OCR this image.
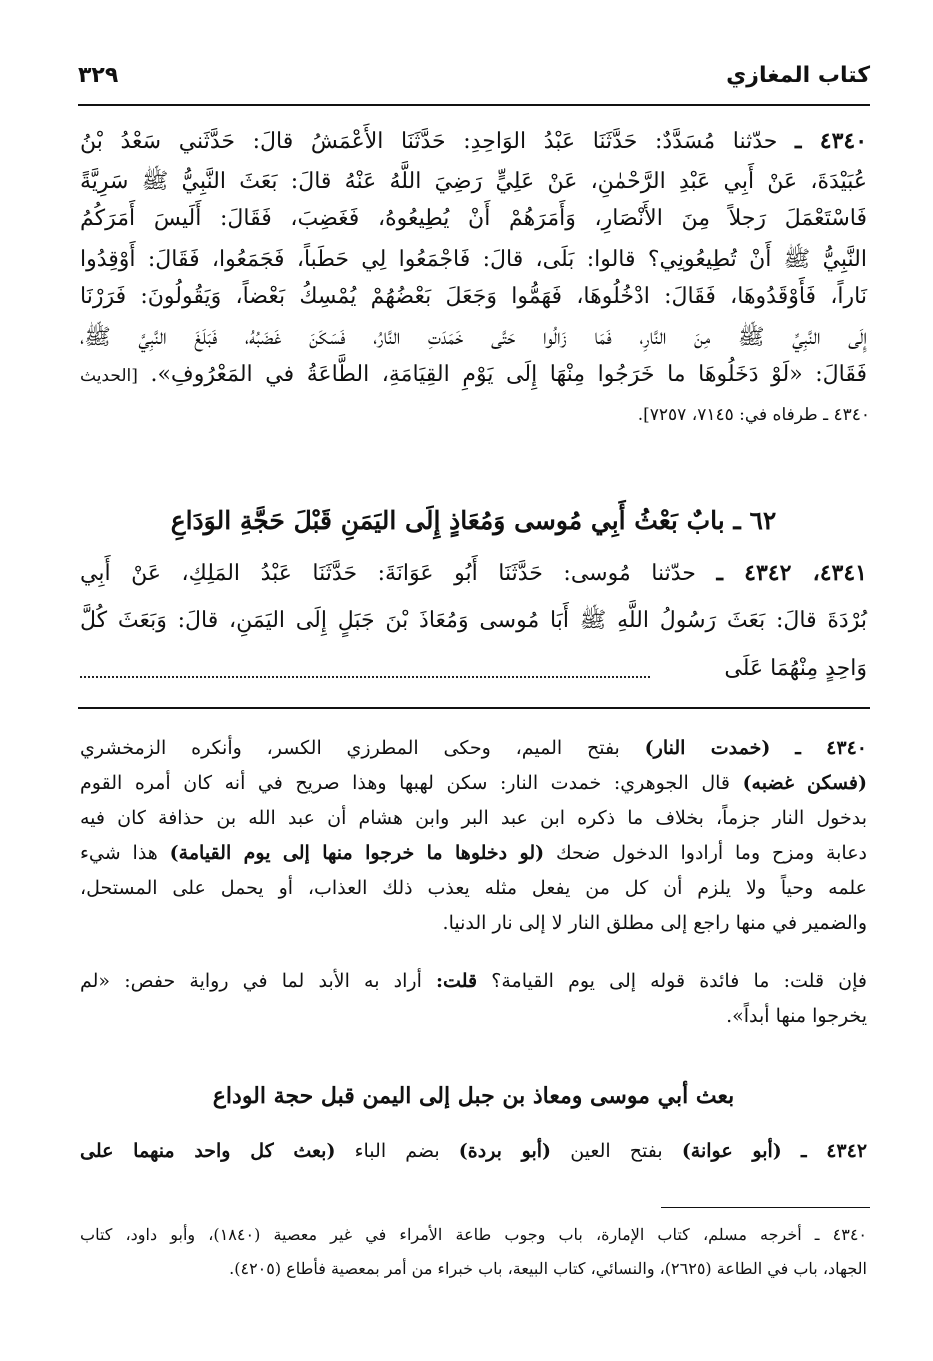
كتاب المغازي
٣٢٩
٤٣٤٠ ـ حدّثنا مُسَدَّدٌ: حَدَّثَنَا عَبْدُ الوَاحِدِ: حَدَّثَنَا الأَعْمَشُ قالَ: حَدَّثَني سَعْدُ بْنُ
عُبَيْدَةَ، عَنْ أَبِي عَبْدِ الرَّحْمٰنِ، عَنْ عَلِيٍّ رَضِيَ اللَّهُ عَنْهُ قالَ: بَعَثَ النَّبِيُّ ﷺ سَرِيَّةً
فَاسْتَعْمَلَ رَجلاً مِنَ الأَنْصَارِ، وَأَمَرَهُمْ أَنْ يُطِيعُوهُ، فَغَضِبَ، فَقَالَ: أَلَيسَ أَمَرَكُمُ
النَّبِيُّ ﷺ أَنْ تُطِيعُونِي؟ قالوا: بَلَى، قالَ: فَاجْمَعُوا لِي حَطَباً، فَجَمَعُوا، فَقَالَ: أَوْقِدُوا
نَاراً، فَأَوْقَدُوهَا، فَقَالَ: ادْخُلُوهَا، فَهَمُّوا وَجَعَلَ بَعْضُهُمْ يُمْسِكُ بَعْضاً، وَيَقُولُونَ: فَرَرْنَا
إِلَى النَّبِيِّ ﷺ مِنَ النَّارِ، فَمَا زَالُوا حَتَّى خَمَدَتِ النَّارُ، فَسَكَنَ غَضَبُهُ، فَبَلَغَ النَّبِيَّ ﷺ،
فَقَالَ: «لَوْ دَخَلُوهَا ما خَرَجُوا مِنْهَا إِلَى يَوْمِ القِيَامَةِ، الطَّاعَةُ في المَعْرُوفِ». [الحديث
٤٣٤٠ ـ طرفاه في: ٧١٤٥، ٧٢٥٧].
٦٢ ـ بابٌ بَعْثُ أَبِي مُوسى وَمُعَاذٍ إِلَى اليَمَنِ قَبْلَ حَجَّةِ الوَدَاعِ
٤٣٤١، ٤٣٤٢ ـ حدّثنا مُوسى: حَدَّثَنَا أَبُو عَوَانَةَ: حَدَّثَنَا عَبْدُ المَلِكِ، عَنْ أَبِي
بُرْدَةَ قالَ: بَعَثَ رَسُولُ اللَّهِ ﷺ أَبَا مُوسى وَمُعَاذَ بْنَ جَبَلٍ إِلَى اليَمَنِ، قالَ: وَبَعَثَ كُلَّ
وَاحِدٍ مِنْهُمَا عَلَى
٤٣٤٠ ـ (خمدت النار) بفتح الميم، وحكى المطرزي الكسر، وأنكره الزمخشري
(فسكن غضبه) قال الجوهري: خمدت النار: سكن لهبها وهذا صريح في أنه كان أمره القوم
بدخول النار جزماً، بخلاف ما ذكره ابن عبد البر وابن هشام أن عبد الله بن حذافة كان فيه
دعابة ومزح وما أرادوا الدخول ضحك (لو دخلوها ما خرجوا منها إلى يوم القيامة) هذا شيء
علمه وحياً ولا يلزم أن كل من يفعل مثله يعذب ذلك العذاب، أو يحمل على المستحل،
والضمير في منها راجع إلى مطلق النار لا إلى نار الدنيا.
فإن قلت: ما فائدة قوله إلى يوم القيامة؟ قلت: أراد به الأبد لما في رواية حفص: «لم
يخرجوا منها أبداً».
بعث أبي موسى ومعاذ بن جبل إلى اليمن قبل حجة الوداع
٤٣٤٢ ـ (أبو عوانة) بفتح العين (أبو بردة) بضم الباء (بعث كل واحد منهما على
٤٣٤٠ ـ أخرجه مسلم، كتاب الإمارة، باب وجوب طاعة الأمراء في غير معصية (١٨٤٠)، وأبو داود، كتاب
الجهاد، باب في الطاعة (٢٦٢٥)، والنسائي، كتاب البيعة، باب خبراء من أمر بمعصية فأطاع (٤٢٠٥).
